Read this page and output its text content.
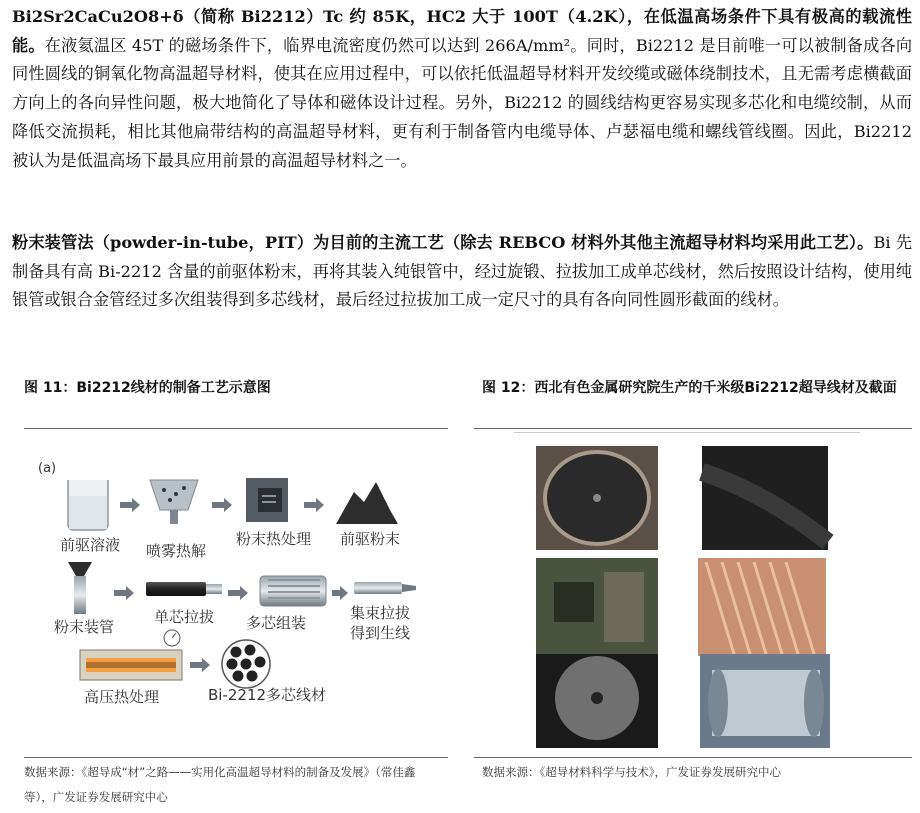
Bi2Sr2CaCu2O8+δ（简称 Bi2212）Tc 约 85K，HC2 大于 100T（4.2K），在低温高场条件下具有极高的载流性能。在液氦温区 45T 的磁场条件下，临界电流密度仍然可以达到 266A/mm²。同时，Bi2212 是目前唯一可以被制备成各向同性圆线的铜氧化物高温超导材料，使其在应用过程中，可以依托低温超导材料开发绞缆或磁体绕制技术，且无需考虑横截面方向上的各向异性问题，极大地简化了导体和磁体设计过程。另外，Bi2212 的圆线结构更容易实现多芯化和电缆绞制，从而降低交流损耗，相比其他扁带结构的高温超导材料，更有利于制备管内电缆导体、卢瑟福电缆和螺线管线圈。因此，Bi2212 被认为是低温高场下最具应用前景的高温超导材料之一。
粉末装管法（powder-in-tube，PIT）为目前的主流工艺（除去 REBCO 材料外其他主流超导材料均采用此工艺）。Bi 先制备具有高 Bi-2212 含量的前驱体粉末，再将其装入纯银管中，经过旋锻、拉拔加工成单芯线材，然后按照设计结构，使用纯银管或银合金管经过多次组装得到多芯线材，最后经过拉拔加工成一定尺寸的具有各向同性圆形截面的线材。
图 11：Bi2212线材的制备工艺示意图
(a)
前驱溶液 喷雾热解
粉末热处理 前驱粉末
粉末装管
单芯拉拔 多芯组装
集束拉拔
得到生线
高压热处理	Bi-2212多芯线材
数据来源：《超导成“材”之路——实用化高温超导材料的制备及发展》（常佳鑫等），广发证券发展研究中心
图 12：西北有色金属研究院生产的千米级Bi2212超导线材及截面
数据来源：《超导材料科学与技术》，广发证券发展研究中心
